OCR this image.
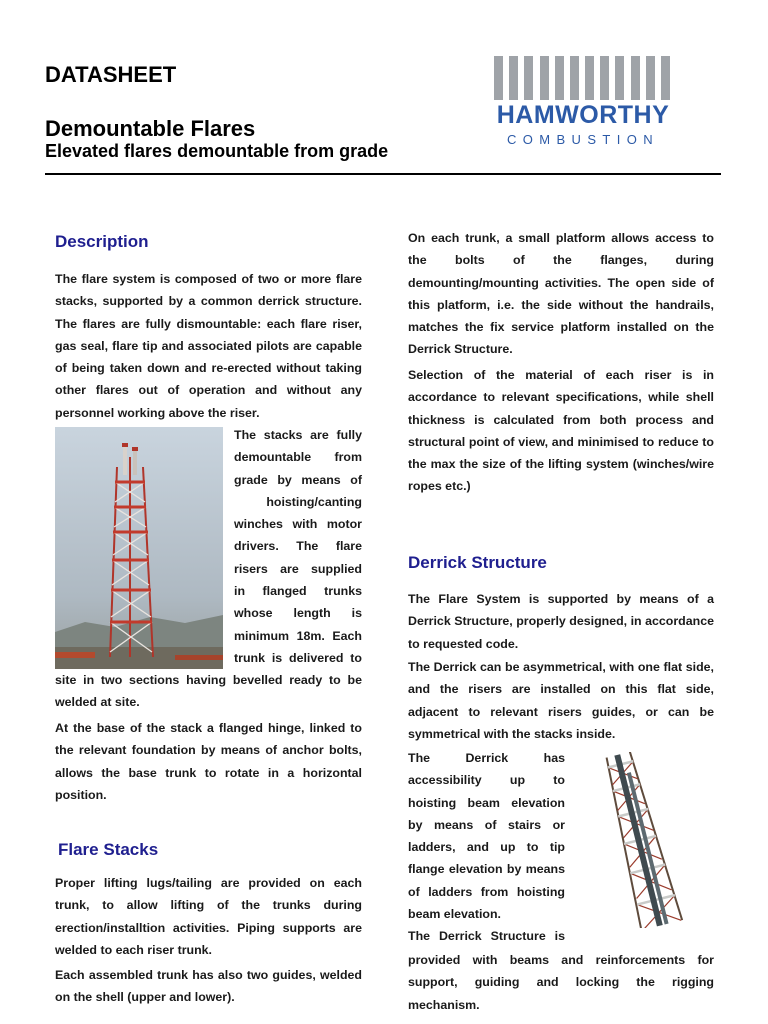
DATASHEET
Demountable Flares
Elevated flares demountable from grade
HAMWORTHY
COMBUSTION
Description
The flare system is composed of two or more flare stacks, supported by a common derrick structure. The flares are fully dismountable: each flare riser, gas seal, flare tip and associated pilots are capable of being taken down and re-erected without taking other flares out of operation and without any personnel working above the riser.
The stacks are fully
demountable from
grade by means of
hoisting/canting
winches with motor
drivers. The flare
risers are supplied
in flanged trunks
whose length is
minimum 18m. Each
trunk is delivered to
site in two sections having bevelled ready to be welded at site.
At the base of the stack a flanged hinge, linked to the relevant foundation by means of anchor bolts, allows the base trunk to rotate in a horizontal position.
Flare Stacks
Proper lifting lugs/tailing are provided on each trunk, to allow lifting of the trunks during erection/installtion activities. Piping supports are welded to each riser trunk.
Each assembled trunk has also two guides, welded on the shell (upper and lower).
On each trunk, a small platform allows access to the bolts of the flanges, during demounting/mounting activities. The open side of this platform, i.e. the side without the handrails, matches the fix service platform installed on the Derrick Structure.
Selection of the material of each riser is in accordance to relevant specifications, while shell thickness is calculated from both process and structural point of view, and minimised to reduce to the max the size of the lifting system (winches/wire ropes etc.)
Derrick Structure
The Flare System is supported by means of a Derrick Structure, properly designed, in accordance to requested code.
The Derrick can be asymmetrical, with one flat side, and the risers are installed on this flat side, adjacent to relevant risers guides, or can be symmetrical with the stacks inside.
The Derrick has
accessibility up to
hoisting beam elevation
by means of stairs or
ladders, and up to tip
flange elevation by means
of ladders from hoisting
beam elevation.
The Derrick Structure is
provided with beams and reinforcements for support, guiding and locking the rigging mechanism.
